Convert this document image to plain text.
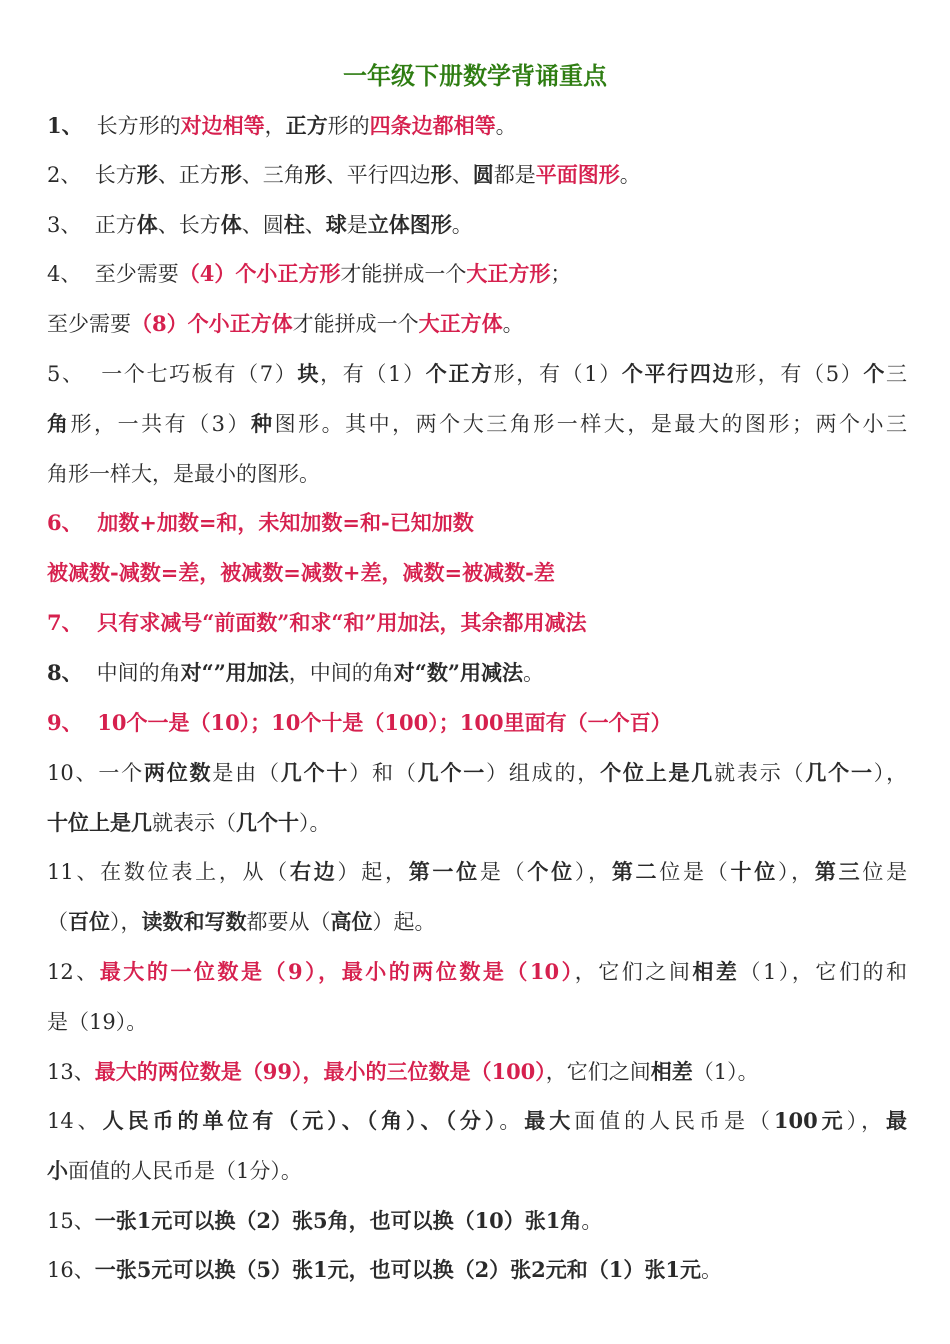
一年级下册数学背诵重点
1、  长方形的对边相等，正方形的四条边都相等。
2、  长方形、正方形、三角形、平行四边形、圆都是平面图形。
3、  正方体、长方体、圆柱、球是立体图形。
4、  至少需要（4）个小正方形才能拼成一个大正方形；
至少需要（8）个小正方体才能拼成一个大正方体。
5、  一个七巧板有（7）块，有（1）个正方形，有（1）个平行四边形，有（5）个三
角形，一共有（3）种图形。其中，两个大三角形一样大，是最大的图形；两个小三
角形一样大，是最小的图形。
6、  加数+加数=和，未知加数=和-已知加数
被减数-减数=差，被减数=减数+差，减数=被减数-差
7、  只有求减号“前面数”和求“和”用加法，其余都用减法
8、  中间的角对“”用加法，中间的角对“数”用减法。
9、  10个一是（10）；10个十是（100）；100里面有（一个百）
10、一个两位数是由（几个十）和（几个一）组成的，个位上是几就表示（几个一），
十位上是几就表示（几个十）。
11、在数位表上，从（右边）起，第一位是（个位），第二位是（十位），第三位是
（百位），读数和写数都要从（高位）起。
12、最大的一位数是（9），最小的两位数是（10），它们之间相差（1），它们的和
是（19）。
13、最大的两位数是（99），最小的三位数是（100），它们之间相差（1）。
14、人民币的单位有（元）、（角）、（分）。最大面值的人民币是（100元），最
小面值的人民币是（1分）。
15、一张1元可以换（2）张5角，也可以换（10）张1角。
16、一张5元可以换（5）张1元，也可以换（2）张2元和（1）张1元。
